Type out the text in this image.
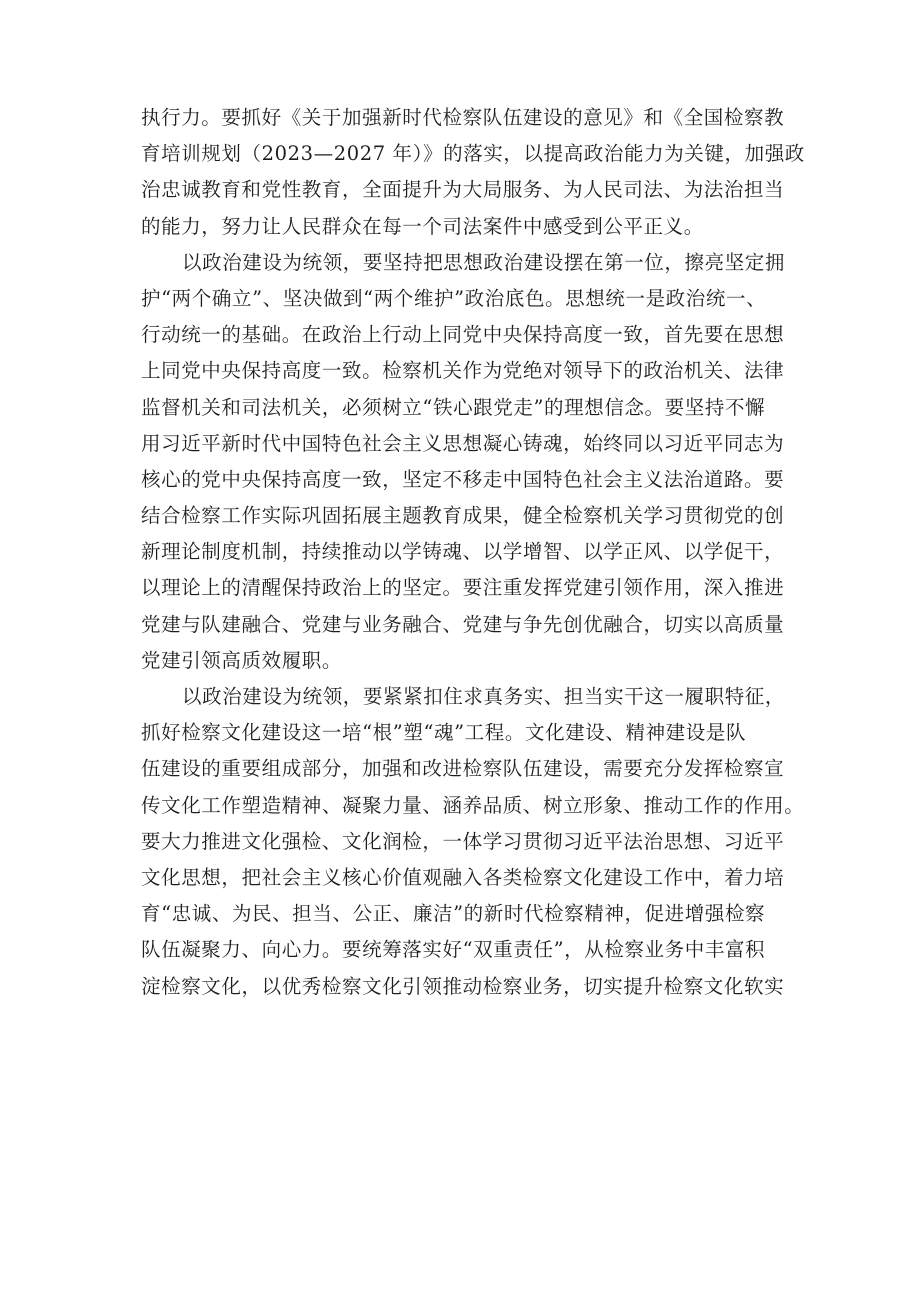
执行力。要抓好《关于加强新时代检察队伍建设的意见》和《全国检察教
育培训规划（2023—2027 年）》的落实，以提高政治能力为关键，加强政
治忠诚教育和党性教育，全面提升为大局服务、为人民司法、为法治担当
的能力，努力让人民群众在每一个司法案件中感受到公平正义。
以政治建设为统领，要坚持把思想政治建设摆在第一位，擦亮坚定拥
护“两个确立”、坚决做到“两个维护”政治底色。思想统一是政治统一、
行动统一的基础。在政治上行动上同党中央保持高度一致，首先要在思想
上同党中央保持高度一致。检察机关作为党绝对领导下的政治机关、法律
监督机关和司法机关，必须树立“铁心跟党走”的理想信念。要坚持不懈
用习近平新时代中国特色社会主义思想凝心铸魂，始终同以习近平同志为
核心的党中央保持高度一致，坚定不移走中国特色社会主义法治道路。要
结合检察工作实际巩固拓展主题教育成果，健全检察机关学习贯彻党的创
新理论制度机制，持续推动以学铸魂、以学增智、以学正风、以学促干，
以理论上的清醒保持政治上的坚定。要注重发挥党建引领作用，深入推进
党建与队建融合、党建与业务融合、党建与争先创优融合，切实以高质量
党建引领高质效履职。
以政治建设为统领，要紧紧扣住求真务实、担当实干这一履职特征，
抓好检察文化建设这一培“根”塑“魂”工程。文化建设、精神建设是队
伍建设的重要组成部分，加强和改进检察队伍建设，需要充分发挥检察宣
传文化工作塑造精神、凝聚力量、涵养品质、树立形象、推动工作的作用。
要大力推进文化强检、文化润检，一体学习贯彻习近平法治思想、习近平
文化思想，把社会主义核心价值观融入各类检察文化建设工作中，着力培
育“忠诚、为民、担当、公正、廉洁”的新时代检察精神，促进增强检察
队伍凝聚力、向心力。要统筹落实好“双重责任”，从检察业务中丰富积
淀检察文化，以优秀检察文化引领推动检察业务，切实提升检察文化软实
